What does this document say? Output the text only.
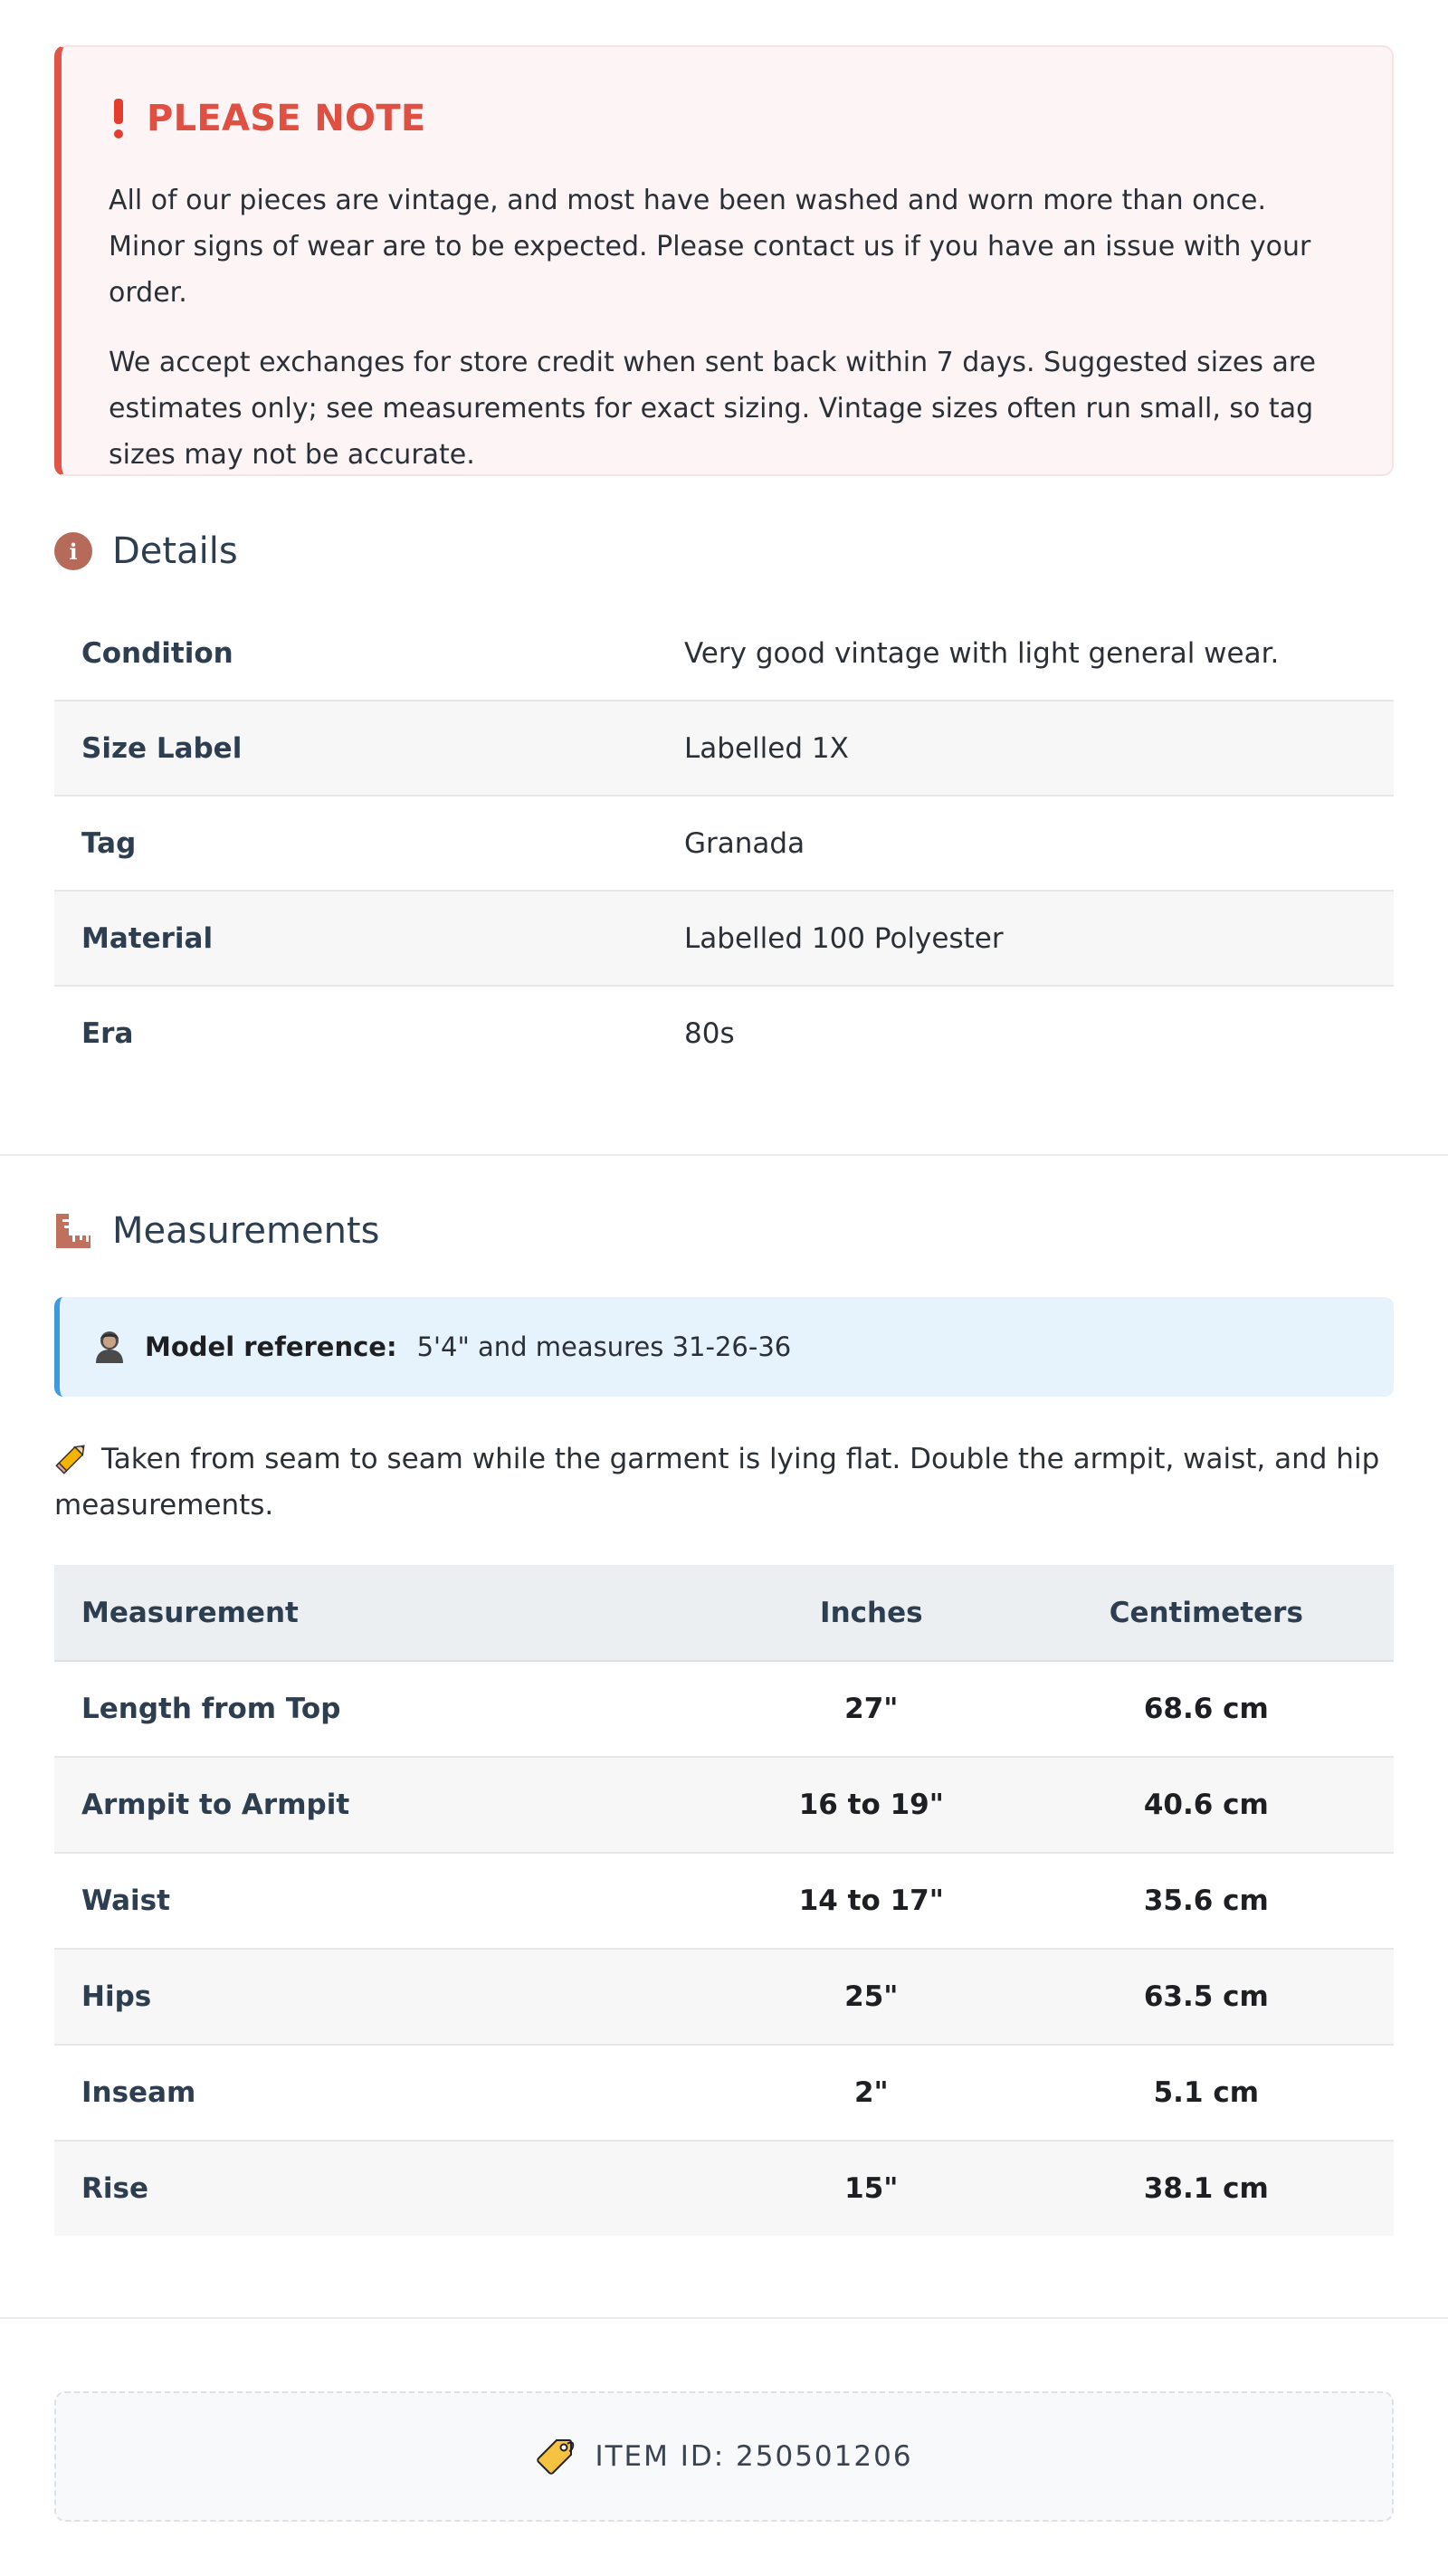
PLEASE NOTE

All of our pieces are vintage, and most have been washed and worn more than once. Minor signs of wear are to be expected. Please contact us if you have an issue with your order.

We accept exchanges for store credit when sent back within 7 days. Suggested sizes are estimates only; see measurements for exact sizing. Vintage sizes often run small, so tag sizes may not be accurate.

i Details
Condition	Very good vintage with light general wear.
Size Label	Labelled 1X
Tag	Granada
Material	Labelled 100 Polyester
Era	80s
Measurements
Model reference: 5'4" and measures 31-26-36
Taken from seam to seam while the garment is lying flat. Double the armpit, waist, and hip measurements.
Measurement	Inches	Centimeters
Length from Top	27"	68.6 cm
Armpit to Armpit	16 to 19"	40.6 cm
Waist	14 to 17"	35.6 cm
Hips	25"	63.5 cm
Inseam	2"	5.1 cm
Rise	15"	38.1 cm
ITEM ID: 250501206
